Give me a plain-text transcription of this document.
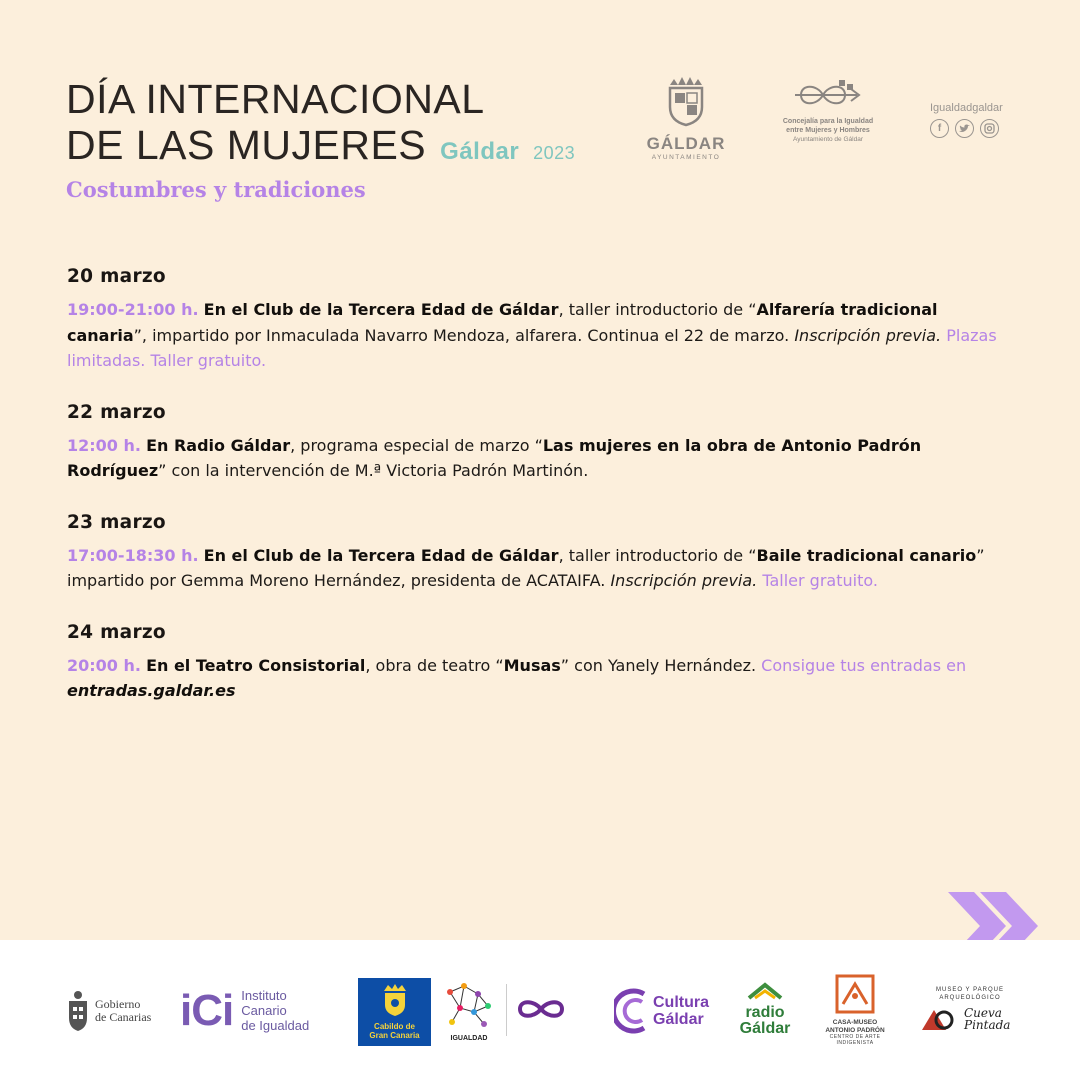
DÍA INTERNACIONAL
DE LAS MUJERES Gáldar 2023
Costumbres y tradiciones
GÁLDAR
AYUNTAMIENTO
Concejalía para la Igualdad
entre Mujeres y Hombres
Ayuntamiento de Gáldar
Igualdadgaldar
f
20 marzo

19:00-21:00 h. En el Club de la Tercera Edad de Gáldar, taller introductorio de “Alfarería tradicional canaria”, impartido por Inmaculada Navarro Mendoza, alfarera. Continua el 22 de marzo. Inscripción previa. Plazas limitadas. Taller gratuito.

22 marzo

12:00 h. En Radio Gáldar, programa especial de marzo “Las mujeres en la obra de Antonio Padrón Rodríguez” con la intervención de M.ª Victoria Padrón Martinón.

23 marzo

17:00-18:30 h. En el Club de la Tercera Edad de Gáldar, taller introductorio de “Baile tradicional canario” impartido por Gemma Moreno Hernández, presidenta de ACATAIFA. Inscripción previa. Taller gratuito.

24 marzo

20:00 h. En el Teatro Consistorial, obra de teatro “Musas” con Yanely Hernández. Consigue tus entradas en entradas.galdar.es

Gobierno
de Canarias iCi Instituto
Canario
de Igualdad	Cabildo de
Gran Canaria	IGUALDAD
Cultura
Gáldar	radio
Gáldar	CASA-MUSEO
ANTONIO PADRÓN
CENTRO DE ARTE
INDIGENISTA
MUSEO Y PARQUE
ARQUEOLÓGICO
Cueva
Pintada
